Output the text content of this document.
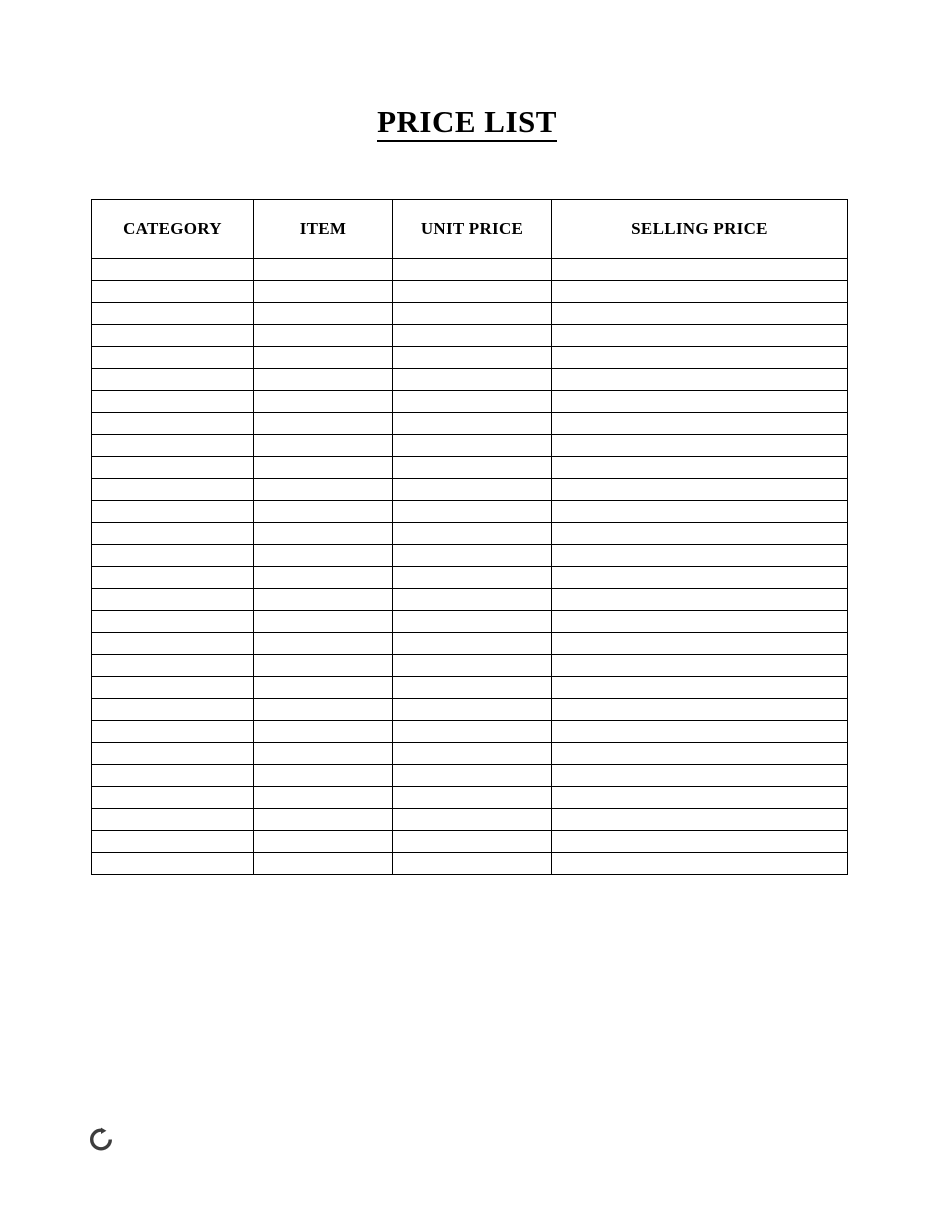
PRICE LIST
CATEGORY	ITEM	UNIT PRICE	SELLING PRICE
